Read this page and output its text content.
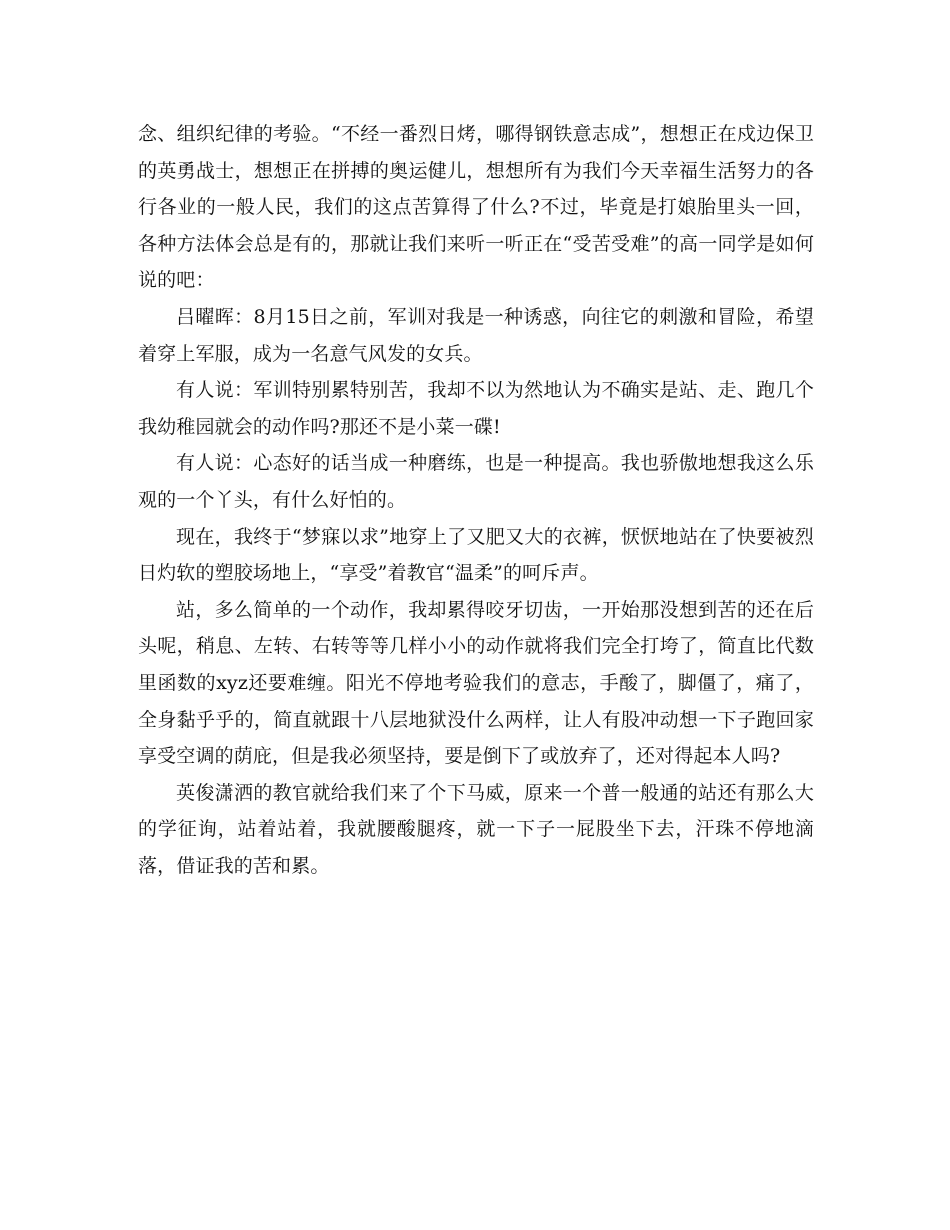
念、组织纪律的考验。“不经一番烈日烤，哪得钢铁意志成”，想想正在戍边保卫的英勇战士，想想正在拼搏的奥运健儿，想想所有为我们今天幸福生活努力的各行各业的一般人民，我们的这点苦算得了什么?不过，毕竟是打娘胎里头一回，各种方法体会总是有的，那就让我们来听一听正在“受苦受难”的高一同学是如何说的吧：

吕曜晖：8月15日之前，军训对我是一种诱惑，向往它的刺激和冒险，希望着穿上军服，成为一名意气风发的女兵。

有人说：军训特别累特别苦，我却不以为然地认为不确实是站、走、跑几个我幼稚园就会的动作吗?那还不是小菜一碟!

有人说：心态好的话当成一种磨练，也是一种提高。我也骄傲地想我这么乐观的一个丫头，有什么好怕的。

现在，我终于“梦寐以求”地穿上了又肥又大的衣裤，恹恹地站在了快要被烈日灼软的塑胶场地上，“享受”着教官“温柔”的呵斥声。

站，多么简单的一个动作，我却累得咬牙切齿，一开始那没想到苦的还在后头呢，稍息、左转、右转等等几样小小的动作就将我们完全打垮了，简直比代数里函数的xyz还要难缠。阳光不停地考验我们的意志，手酸了，脚僵了，痛了，全身黏乎乎的，简直就跟十八层地狱没什么两样，让人有股冲动想一下子跑回家享受空调的荫庇，但是我必须坚持，要是倒下了或放弃了，还对得起本人吗?

英俊潇洒的教官就给我们来了个下马威，原来一个普一般通的站还有那么大的学征询，站着站着，我就腰酸腿疼，就一下子一屁股坐下去，汗珠不停地滴落，借证我的苦和累。
